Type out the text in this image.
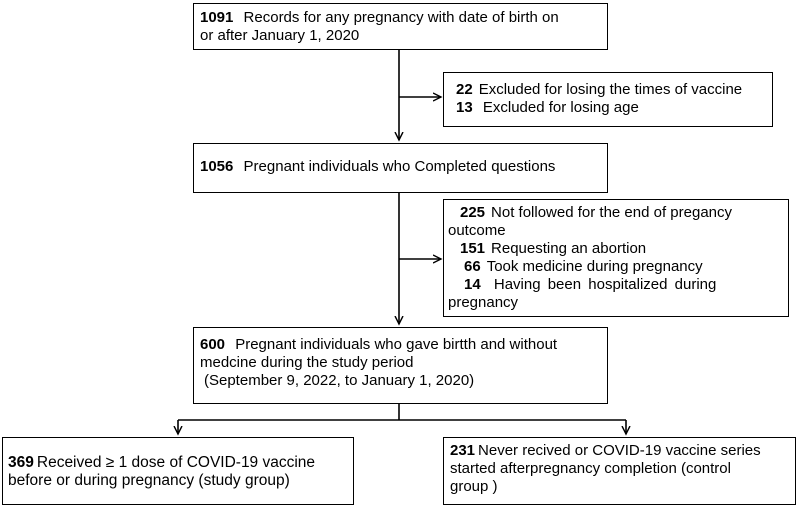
1091 Records for any pregnancy with date of birth on
or after January 1, 2020
22 Excluded for losing the times of vaccine
13 Excluded for losing age
1056 Pregnant individuals who Completed questions
225 Not followed for the end of pregancy
outcome
151 Requesting an abortion
66 Took medicine during pregnancy
14 Having been hospitalized during
pregnancy
600 Pregnant individuals who gave birtth and without
medcine during the study period
(September 9, 2022, to January 1, 2020)
369 Received ≥ 1 dose of COVID-19 vaccine
before or during pregnancy (study group)
231 Never recived or COVID-19 vaccine series
started afterpregnancy completion (control
group )
